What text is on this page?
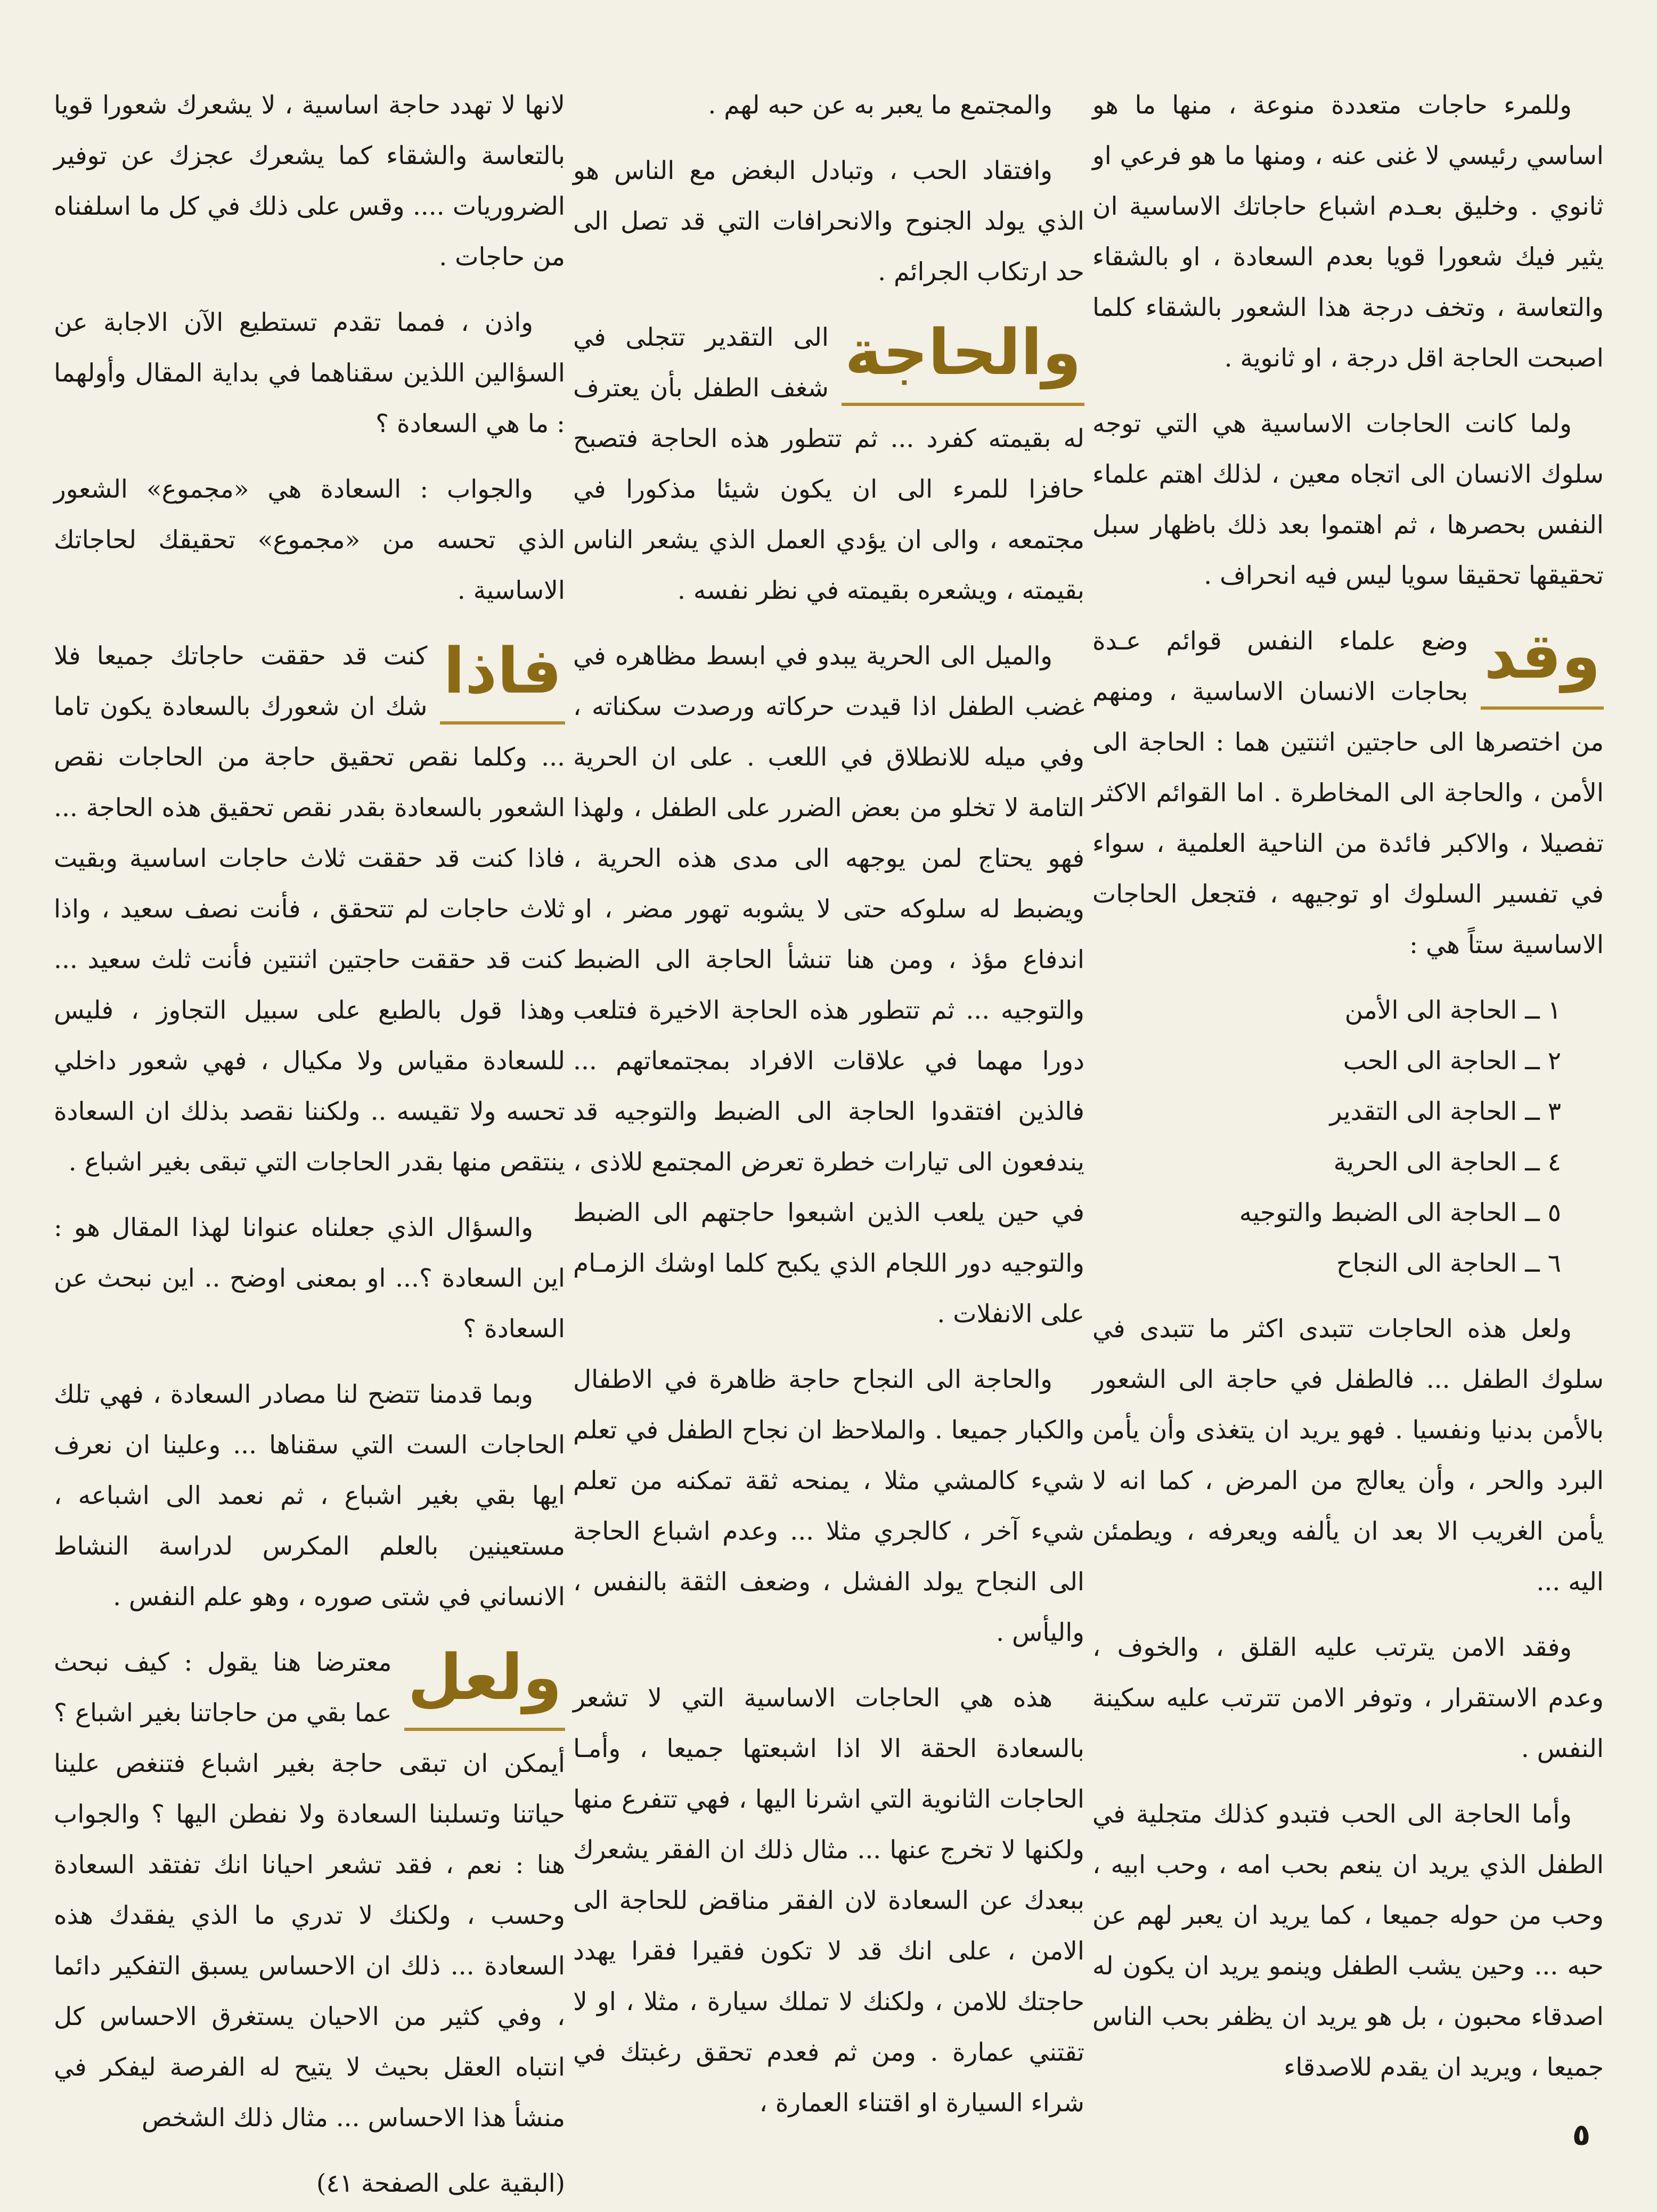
وللمرء حاجات متعددة منوعة ، منها ما هو اساسي رئيسي لا غنى عنه ، ومنها ما هو فرعي او ثانوي . وخليق بعـدم اشباع حاجاتك الاساسية ان يثير فيك شعورا قويا بعدم السعادة ، او بالشقاء والتعاسة ، وتخف درجة هذا الشعور بالشقاء كلما اصبحت الحاجة اقل درجة ، او ثانوية .

ولما كانت الحاجات الاساسية هي التي توجه سلوك الانسان الى اتجاه معين ، لذلك اهتم علماء النفس بحصرها ، ثم اهتموا بعد ذلك باظهار سبل تحقيقها تحقيقا سويا ليس فيه انحراف .

وقد
وضع علماء النفس قوائم عـدة بحاجات الانسان الاساسية ، ومنهم من اختصرها الى حاجتين اثنتين هما : الحاجة الى الأمن ، والحاجة الى المخاطرة . اما القوائم الاكثر تفصيلا ، والاكبر فائدة من الناحية العلمية ، سواء في تفسير السلوك او توجيهه ، فتجعل الحاجات الاساسية ستاً هي :

١ ــ الحاجة الى الأمن
٢ ــ الحاجة الى الحب
٣ ــ الحاجة الى التقدير
٤ ــ الحاجة الى الحرية
٥ ــ الحاجة الى الضبط والتوجيه
٦ ــ الحاجة الى النجاح

ولعل هذه الحاجات تتبدى اكثر ما تتبدى في سلوك الطفل ... فالطفل في حاجة الى الشعور بالأمن بدنيا ونفسيا . فهو يريد ان يتغذى وأن يأمن البرد والحر ، وأن يعالج من المرض ، كما انه لا يأمن الغريب الا بعد ان يألفه ويعرفه ، ويطمئن اليه ...

وفقد الامن يترتب عليه القلق ، والخوف ، وعدم الاستقرار ، وتوفر الامن تترتب عليه سكينة النفس .

وأما الحاجة الى الحب فتبدو كذلك متجلية في الطفل الذي يريد ان ينعم بحب امه ، وحب ابيه ، وحب من حوله جميعا ، كما يريد ان يعبر لهم عن حبه ... وحين يشب الطفل وينمو يريد ان يكون له اصدقاء محبون ، بل هو يريد ان يظفر بحب الناس جميعا ، ويريد ان يقدم للاصدقاء

والمجتمع ما يعبر به عن حبه لهم .

وافتقاد الحب ، وتبادل البغض مع الناس هو الذي يولد الجنوح والانحرافات التي قد تصل الى حد ارتكاب الجرائم .

والحاجة
الى التقدير تتجلى في شغف الطفل بأن يعترف له بقيمته كفرد ... ثم تتطور هذه الحاجة فتصبح حافزا للمرء الى ان يكون شيئا مذكورا في مجتمعه ، والى ان يؤدي العمل الذي يشعر الناس بقيمته ، ويشعره بقيمته في نظر نفسه .

والميل الى الحرية يبدو في ابسط مظاهره في غضب الطفل اذا قيدت حركاته ورصدت سكناته ، وفي ميله للانطلاق في اللعب . على ان الحرية التامة لا تخلو من بعض الضرر على الطفل ، ولهذا فهو يحتاج لمن يوجهه الى مدى هذه الحرية ، ويضبط له سلوكه حتى لا يشوبه تهور مضر ، او اندفاع مؤذ ، ومن هنا تنشأ الحاجة الى الضبط والتوجيه ... ثم تتطور هذه الحاجة الاخيرة فتلعب دورا مهما في علاقات الافراد بمجتمعاتهم ... فالذين افتقدوا الحاجة الى الضبط والتوجيه قد يندفعون الى تيارات خطرة تعرض المجتمع للاذى ، في حين يلعب الذين اشبعوا حاجتهم الى الضبط والتوجيه دور اللجام الذي يكبح كلما اوشك الزمـام على الانفلات .

والحاجة الى النجاح حاجة ظاهرة في الاطفال والكبار جميعا . والملاحظ ان نجاح الطفل في تعلم شيء كالمشي مثلا ، يمنحه ثقة تمكنه من تعلم شيء آخر ، كالجري مثلا ... وعدم اشباع الحاجة الى النجاح يولد الفشل ، وضعف الثقة بالنفس ، واليأس .

هذه هي الحاجات الاساسية التي لا تشعر بالسعادة الحقة الا اذا اشبعتها جميعا ، وأمـا الحاجات الثانوية التي اشرنا اليها ، فهي تتفرع منها ولكنها لا تخرج عنها ... مثال ذلك ان الفقر يشعرك ببعدك عن السعادة لان الفقر مناقض للحاجة الى الامن ، على انك قد لا تكون فقيرا فقرا يهدد حاجتك للامن ، ولكنك لا تملك سيارة ، مثلا ، او لا تقتني عمارة . ومن ثم فعدم تحقق رغبتك في شراء السيارة او اقتناء العمارة ،

لانها لا تهدد حاجة اساسية ، لا يشعرك شعورا قويا بالتعاسة والشقاء كما يشعرك عجزك عن توفير الضروريات .... وقس على ذلك في كل ما اسلفناه من حاجات .

واذن ، فمما تقدم تستطيع الآن الاجابة عن السؤالين اللذين سقناهما في بداية المقال وأولهما : ما هي السعادة ؟

والجواب : السعادة هي «مجموع» الشعور الذي تحسه من «مجموع» تحقيقك لحاجاتك الاساسية .

فاذا
كنت قد حققت حاجاتك جميعا فلا شك ان شعورك بالسعادة يكون تاما ... وكلما نقص تحقيق حاجة من الحاجات نقص الشعور بالسعادة بقدر نقص تحقيق هذه الحاجة ... فاذا كنت قد حققت ثلاث حاجات اساسية وبقيت ثلاث حاجات لم تتحقق ، فأنت نصف سعيد ، واذا كنت قد حققت حاجتين اثنتين فأنت ثلث سعيد ... وهذا قول بالطبع على سبيل التجاوز ، فليس للسعادة مقياس ولا مكيال ، فهي شعور داخلي تحسه ولا تقيسه .. ولكننا نقصد بذلك ان السعادة ينتقص منها بقدر الحاجات التي تبقى بغير اشباع .

والسؤال الذي جعلناه عنوانا لهذا المقال هو : اين السعادة ؟... او بمعنى اوضح .. اين نبحث عن السعادة ؟

وبما قدمنا تتضح لنا مصادر السعادة ، فهي تلك الحاجات الست التي سقناها ... وعلينا ان نعرف ايها بقي بغير اشباع ، ثم نعمد الى اشباعه ، مستعينين بالعلم المكرس لدراسة النشاط الانساني في شتى صوره ، وهو علم النفس .

ولعل
معترضا هنا يقول : كيف نبحث عما بقي من حاجاتنا بغير اشباع ؟ أيمكن ان تبقى حاجة بغير اشباع فتنغص علينا حياتنا وتسلبنا السعادة ولا نفطن اليها ؟ والجواب هنا : نعم ، فقد تشعر احيانا انك تفتقد السعادة وحسب ، ولكنك لا تدري ما الذي يفقدك هذه السعادة ... ذلك ان الاحساس يسبق التفكير دائما ، وفي كثير من الاحيان يستغرق الاحساس كل انتباه العقل بحيث لا يتيح له الفرصة ليفكر في منشأ هذا الاحساس ... مثال ذلك الشخص

(البقية على الصفحة ٤١)

٥
